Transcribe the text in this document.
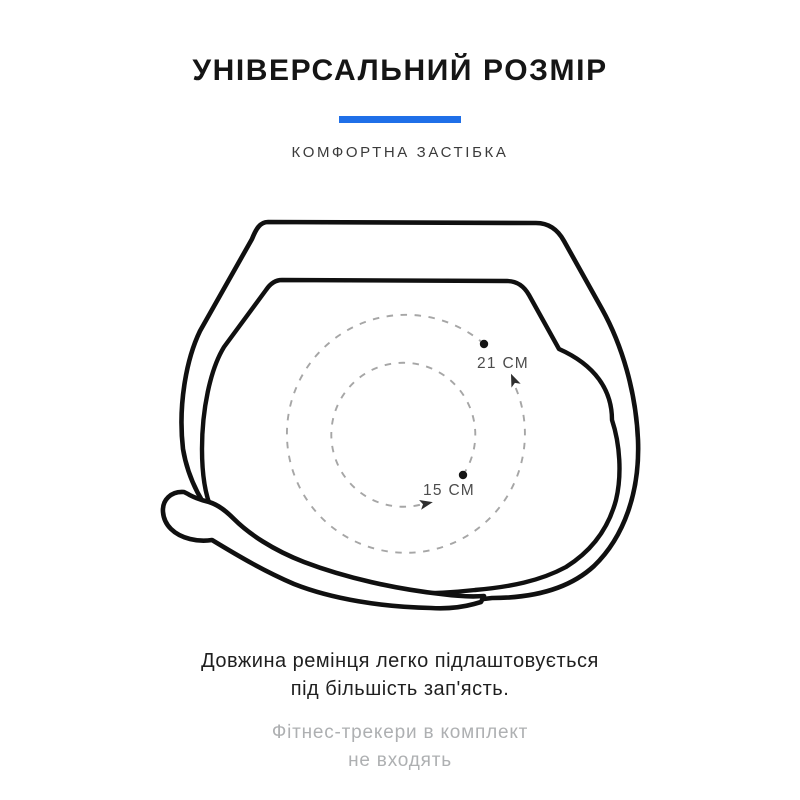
УНІВЕРСАЛЬНИЙ РОЗМІР
КОМФОРТНА ЗАСТІБКА
21 СМ
15 СМ
Довжина ремінця легко підлаштовується
під більшість зап'ясть.
Фітнес-трекери в комплект
не входять
